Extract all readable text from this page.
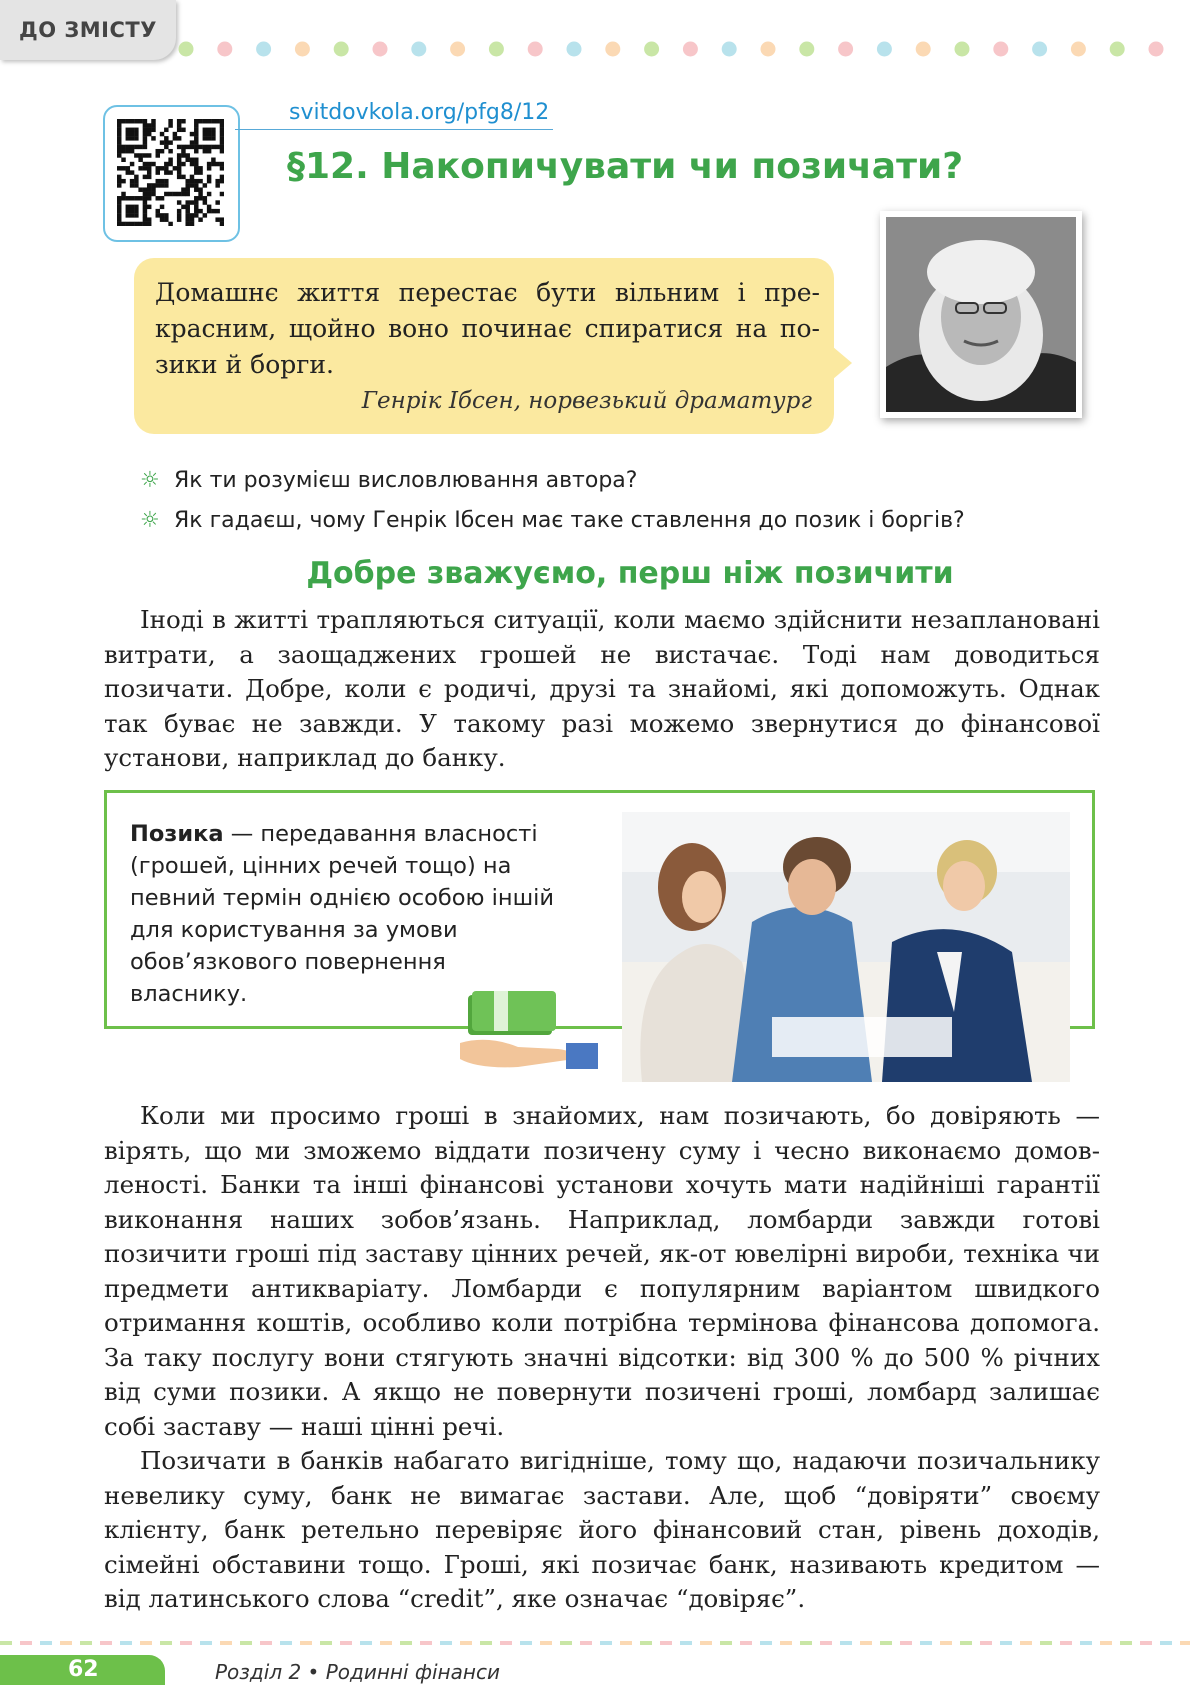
ДО ЗМІСТУ
svitdovkola.org/pfg8/12
§12. Накопичувати чи позичати?
Домашнє життя перестає бути вільним і прекрасним, щойно воно починає спиратися на позики й борги.
Генрік Ібсен, норвезький драматург
☼ Як ти розумієш висловлювання автора?
☼ Як гадаєш, чому Генрік Ібсен має таке ставлення до позик і боргів?
Добре зважуємо, перш ніж позичити
Іноді в житті трапляються ситуації, коли маємо здійснити незаплановані витрати, а заощаджених грошей не вистачає. Тоді нам доводиться позичати. Добре, коли є родичі, друзі та знайомі, які допоможуть. Однак так буває не завжди. У такому разі можемо звернутися до фінансової установи, наприклад до банку.
Позика — передавання власності (грошей, цінних речей тощо) на певний термін однією особою іншій для користування за умови обов’язкового повернення власнику.
Коли ми просимо гроші в знайомих, нам позичають, бо довіряють — вірять, що ми зможемо віддати позичену суму і чесно виконаємо домовленості. Банки та інші фінансові установи хочуть мати надійніші гарантії виконання наших зобов’язань. Наприклад, ломбарди завжди готові позичити гроші під заставу цінних речей, як-от ювелірні вироби, техніка чи предмети антикваріату. Ломбарди є популярним варіантом швидкого отримання коштів, особливо коли потрібна термінова фінансова допомога. За таку послугу вони стягують значні відсотки: від 300 % до 500 % річних від суми позики. А якщо не повернути позичені гроші, ломбард залишає собі заставу — наші цінні речі.
Позичати в банків набагато вигідніше, тому що, надаючи позичальнику невелику суму, банк не вимагає застави. Але, щоб “довіряти” своєму клієнту, банк ретельно перевіряє його фінансовий стан, рівень доходів, сімейні обставини тощо. Гроші, які позичає банк, називають кредитом — від латинського слова “credit”, яке означає “довіряє”.
62	Розділ 2 • Родинні фінанси
